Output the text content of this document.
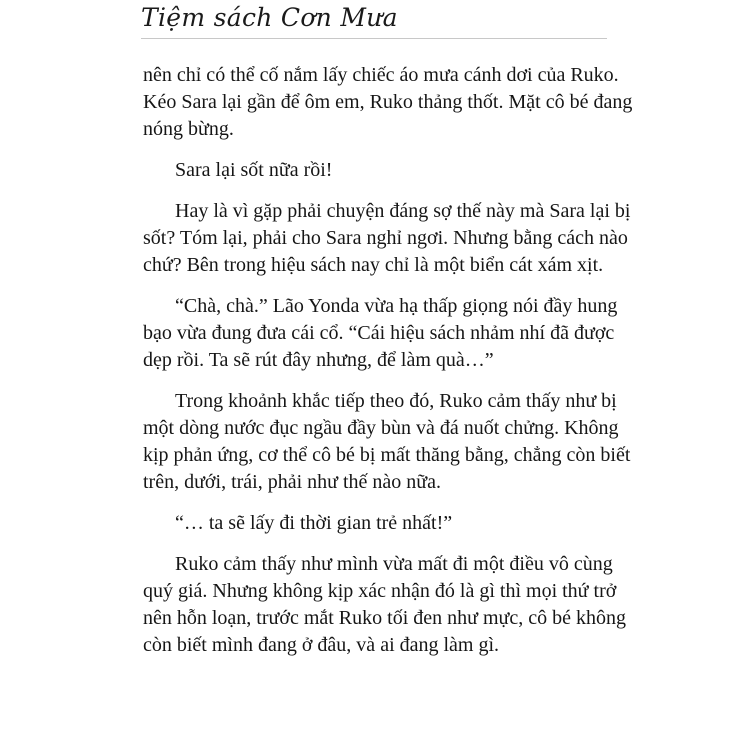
Tiệm sách Cơn Mưa

nên chỉ có thể cố nắm lấy chiếc áo mưa cánh dơi của Ruko.
Kéo Sara lại gần để ôm em, Ruko thảng thốt. Mặt cô bé đang
nóng bừng.

Sara lại sốt nữa rồi!

Hay là vì gặp phải chuyện đáng sợ thế này mà Sara lại bị
sốt? Tóm lại, phải cho Sara nghỉ ngơi. Nhưng bằng cách nào
chứ? Bên trong hiệu sách nay chỉ là một biển cát xám xịt.

“Chà, chà.” Lão Yonda vừa hạ thấp giọng nói đầy hung
bạo vừa đung đưa cái cổ. “Cái hiệu sách nhảm nhí đã được
dẹp rồi. Ta sẽ rút đây nhưng, để làm quà…”

Trong khoảnh khắc tiếp theo đó, Ruko cảm thấy như bị
một dòng nước đục ngầu đầy bùn và đá nuốt chửng. Không
kịp phản ứng, cơ thể cô bé bị mất thăng bằng, chẳng còn biết
trên, dưới, trái, phải như thế nào nữa.

“… ta sẽ lấy đi thời gian trẻ nhất!”

Ruko cảm thấy như mình vừa mất đi một điều vô cùng
quý giá. Nhưng không kịp xác nhận đó là gì thì mọi thứ trở
nên hỗn loạn, trước mắt Ruko tối đen như mực, cô bé không
còn biết mình đang ở đâu, và ai đang làm gì.
